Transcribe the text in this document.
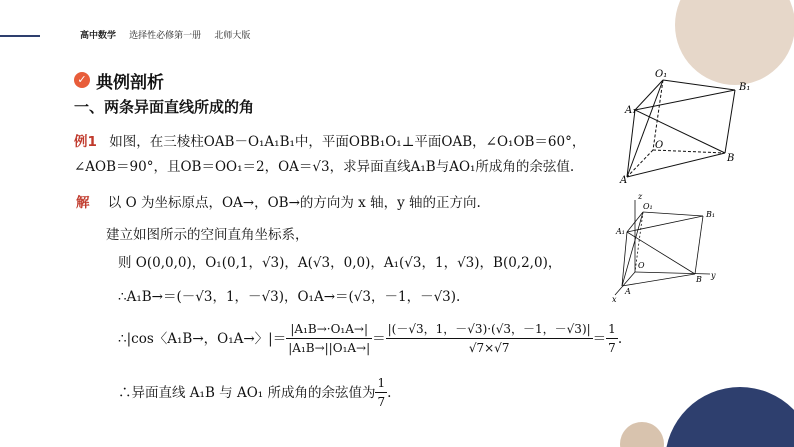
高中数学 选择性必修第一册 北师大版
✓ 典例剖析
一、两条异面直线所成的角
例1 如图，在三棱柱OAB－O₁A₁B₁中，平面OBB₁O₁⊥平面OAB，∠O₁OB＝60°，
∠AOB＝90°，且OB＝OO₁＝2，OA＝√3，求异面直线A₁B与AO₁所成角的余弦值.
解 以 O 为坐标原点，OA→，OB→的方向为 x 轴，y 轴的正方向.
建立如图所示的空间直角坐标系，
则 O(0,0,0)，O₁(0,1，√3)，A(√3，0,0)，A₁(√3，1，√3)，B(0,2,0)，
∴A₁B→＝(－√3，1，－√3)，O₁A→＝(√3，－1，－√3).
∴|cos〈A₁B→，O₁A→〉|＝ $\frac{\text{|A₁B→·O₁A→|}}{\text{|A₁B→||O₁A→|}} = \frac{|(-√3,1,-√3)\cdot(√3,-1,-√3)|}{√7\times√7} = \frac{1}{7}$ .
∴异面直线 A₁B 与 AO₁ 所成角的余弦值为 $\frac{1}{7}$ .
O₁
B₁
A₁
O
B
A
z
O₁
B₁
A₁
O
B y
A
x
